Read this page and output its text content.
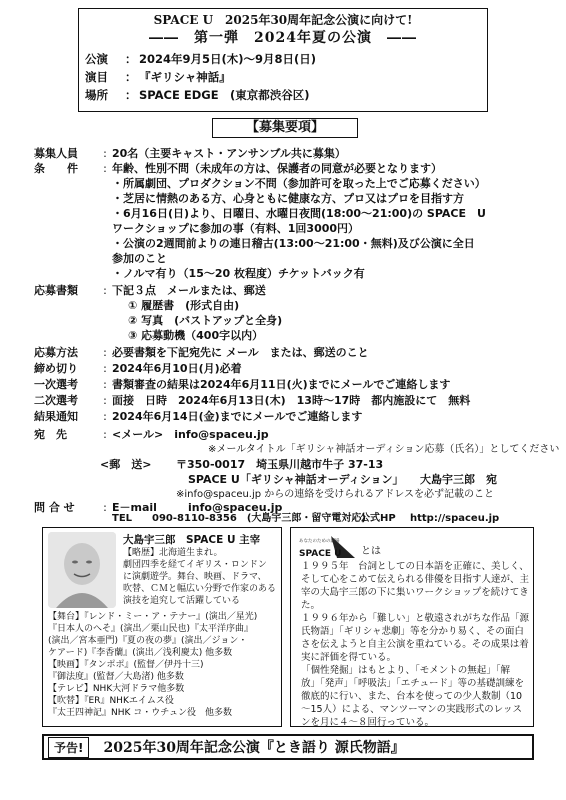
SPACE U　2025年30周年記念公演に向けて!
――　第一弾　2024年夏の公演　――
公演	： 2024年9月5日(木)～9月8日(日)
演目	： 『ギリシャ神話』
場所	： SPACE EDGE　(東京都渋谷区)
【募集要項】
募集人員	: 20名（主要キャスト・アンサンブル共に募集）
条　　件	: 年齢、性別不問（未成年の方は、保護者の同意が必要となります）
・所属劇団、プロダクション不問（参加許可を取った上でご応募ください）
・芝居に情熱のある方、心身ともに健康な方、プロ又はプロを目指す方
・6月16日(日)より、日曜日、水曜日夜間(18:00～21:00)の SPACE　U
ワークショップに参加の事（有料、1回3000円）
・公演の2週間前よりの連日稽古(13:00～21:00・無料)及び公演に全日
参加のこと
・ノルマ有り（15～20 枚程度）チケットバック有
応募書類	: 下記３点　メールまたは、郵送
① 履歴書　(形式自由)
② 写真　(バストアップと全身)
③ 応募動機（400字以内）
応募方法	: 必要書類を下記宛先に メール　または、郵送のこと
締め切り	: 2024年6月10日(月)必着
一次選考	: 書類審査の結果は2024年6月11日(火)までにメールでご連絡します
二次選考	: 面接　日時　2024年6月13日(木)　13時～17時　都内施設にて　無料
結果通知	: 2024年6月14日(金)までにメールでご連絡します
宛　先	: <メール>　info@spaceu.jp
※メールタイトル「ギリシャ神話オーディション応募（氏名）」としてください
<郵　送> 〒350-0017　埼玉県川越市牛子 37-13
SPACE U「ギリシャ神話オーディション」　　大島宇三郎　宛
※info@spaceu.jp からの連絡を受けられるアドレスを必ず記載のこと
問 合 せ	: E－mail	info@spaceu.jp
大島宇三郎　SPACE U 主宰
【略歴】北海道生まれ。
劇団四季を経てイギリス・ロンドン
に演劇遊学。舞台、映画、ドラマ、
吹替、ＣＭと幅広い分野で作家のある
演技を追究して活躍している
【舞台】『レンド・ミー・ア・テナー』(演出／星光)
『日本人のへそ』(演出／栗山民也)『太平洋序曲』
(演出／宮本亜門)『夏の夜の夢』(演出／ジョン・
ケアード)『李香蘭』(演出／浅利慶太) 他多数
【映画】『タンポポ』(監督／伊丹十三)
『御法度』(監督／大島渚) 他多数
【テレビ】NHK大河ドラマ他多数
【吹替】『ER』NHKエイムス役
『太王四神記』NHK コ・ウチュン役　他多数
SPACE U
あなたのための劇場
とは

１９９５年　台詞としての日本語を正確に、美しく、そして心をこめて伝えられる俳優を目指す人達が、主宰の大島宇三郎の下に集いワークショップを続けてきた。

１９９６年から「難しい」と敬遠されがちな作品「源氏物語」「ギリシャ悲劇」等を分かり易く、その面白さを伝えようと自主公演を重ねている。その成果は着実に評価を得ている。

「個性発掘」はもとより、「モメントの無起」「解放」「発声」「呼吸法」「エチュード」等の基礎訓練を徹底的に行い、また、台本を使っての少人数制（10～15人）による、マンツーマンの実践形式のレッスンを月に４～８回行っている。

予告!	2025年30周年記念公演『とき語り 源氏物語』
TEL	090-8110-8356　(大島宇三郎・留守電対応)
公式HP	http://spaceu.jp
